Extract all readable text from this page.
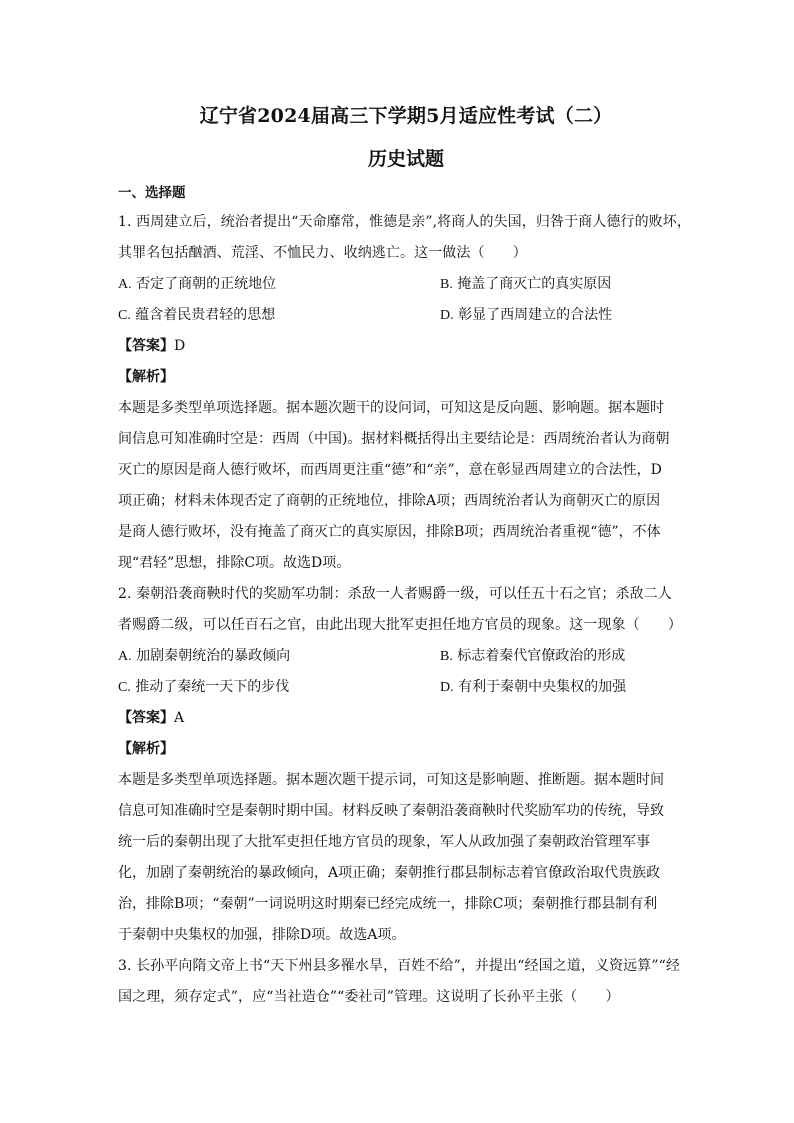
辽宁省2024届高三下学期5月适应性考试（二）
历史试题
一、选择题

1. 西周建立后，统治者提出“天命靡常，惟德是亲”,将商人的失国，归咎于商人德行的败坏，
其罪名包括酗酒、荒淫、不恤民力、收纳逃亡。这一做法（　　）

A. 否定了商朝的正统地位	B. 掩盖了商灭亡的真实原因
C. 蕴含着民贵君轻的思想	D. 彰显了西周建立的合法性
【答案】D
【解析】

本题是多类型单项选择题。据本题次题干的设问词，可知这是反向题、影响题。据本题时
间信息可知准确时空是：西周（中国)。据材料概括得出主要结论是：西周统治者认为商朝
灭亡的原因是商人德行败坏，而西周更注重“德”和“亲”，意在彰显西周建立的合法性，D
项正确；材料未体现否定了商朝的正统地位，排除A项；西周统治者认为商朝灭亡的原因
是商人德行败坏，没有掩盖了商灭亡的真实原因，排除B项；西周统治者重视“德”，不体
现“君轻”思想，排除C项。故选D项。

2. 秦朝沿袭商鞅时代的奖励军功制：杀敌一人者赐爵一级，可以任五十石之官；杀敌二人
者赐爵二级，可以任百石之官，由此出现大批军吏担任地方官员的现象。这一现象（　　）

A. 加剧秦朝统治的暴政倾向	B. 标志着秦代官僚政治的形成
C. 推动了秦统一天下的步伐	D. 有利于秦朝中央集权的加强
【答案】A
【解析】

本题是多类型单项选择题。据本题次题干提示词，可知这是影响题、推断题。据本题时间
信息可知准确时空是秦朝时期中国。材料反映了秦朝沿袭商鞅时代奖励军功的传统，导致
统一后的秦朝出现了大批军吏担任地方官员的现象，军人从政加强了秦朝政治管理军事
化，加剧了秦朝统治的暴政倾向，A项正确；秦朝推行郡县制标志着官僚政治取代贵族政
治，排除B项；“秦朝”一词说明这时期秦已经完成统一，排除C项；秦朝推行郡县制有利
于秦朝中央集权的加强，排除D项。故选A项。

3. 长孙平向隋文帝上书“天下州县多罹水旱，百姓不给”，并提出“经国之道，义资远算”“经
国之理，须存定式”，应“当社造仓”“委社司”管理。这说明了长孙平主张（　　）
